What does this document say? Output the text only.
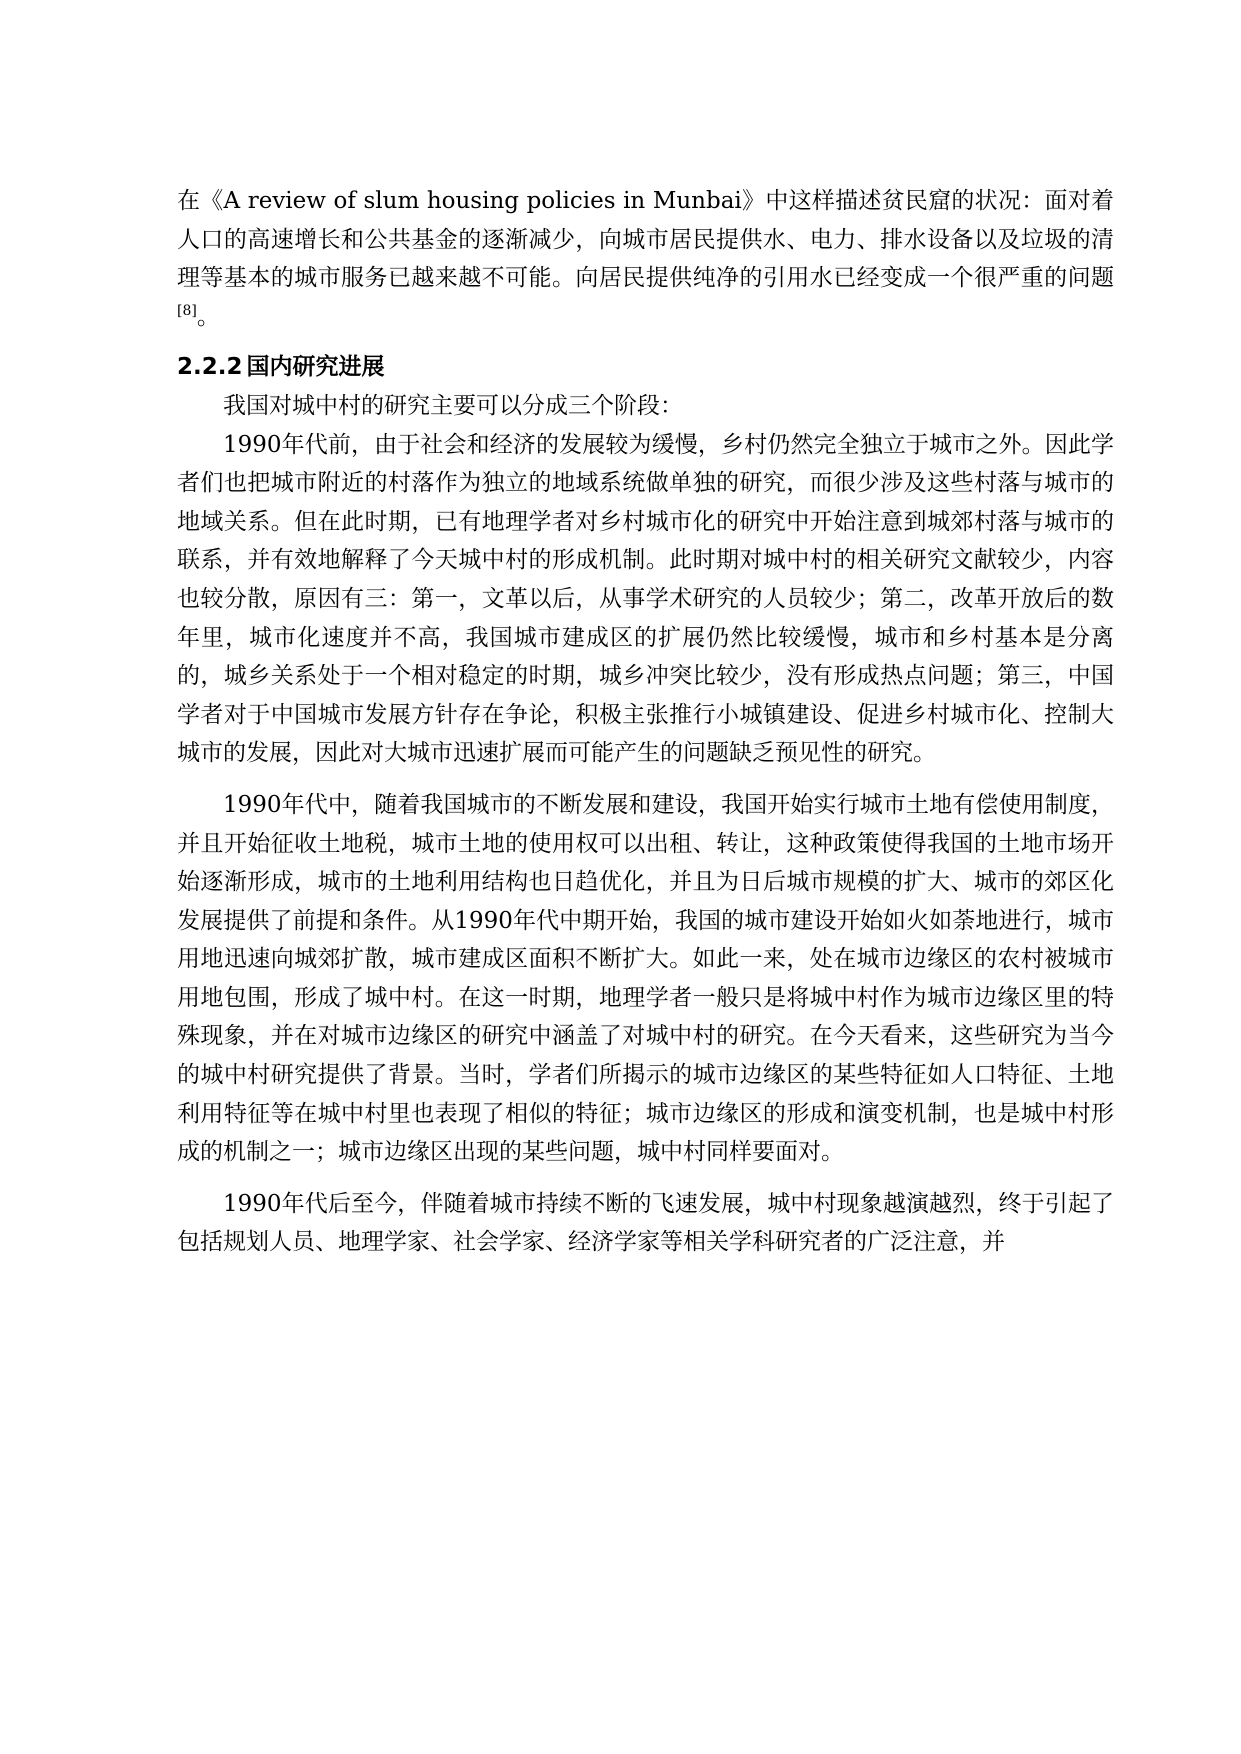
在《A review of slum housing policies in Munbai》中这样描述贫民窟的状况：面对着人口的高速增长和公共基金的逐渐减少，向城市居民提供水、电力、排水设备以及垃圾的清理等基本的城市服务已越来越不可能。向居民提供纯净的引用水已经变成一个很严重的问题[8]。

2.2.2 国内研究进展

我国对城中村的研究主要可以分成三个阶段：

1990年代前，由于社会和经济的发展较为缓慢，乡村仍然完全独立于城市之外。因此学者们也把城市附近的村落作为独立的地域系统做单独的研究，而很少涉及这些村落与城市的地域关系。但在此时期，已有地理学者对乡村城市化的研究中开始注意到城郊村落与城市的联系，并有效地解释了今天城中村的形成机制。此时期对城中村的相关研究文献较少，内容也较分散，原因有三：第一，文革以后，从事学术研究的人员较少；第二，改革开放后的数年里，城市化速度并不高，我国城市建成区的扩展仍然比较缓慢，城市和乡村基本是分离的，城乡关系处于一个相对稳定的时期，城乡冲突比较少，没有形成热点问题；第三，中国学者对于中国城市发展方针存在争论，积极主张推行小城镇建设、促进乡村城市化、控制大城市的发展，因此对大城市迅速扩展而可能产生的问题缺乏预见性的研究。

1990年代中，随着我国城市的不断发展和建设，我国开始实行城市土地有偿使用制度，并且开始征收土地税，城市土地的使用权可以出租、转让，这种政策使得我国的土地市场开始逐渐形成，城市的土地利用结构也日趋优化，并且为日后城市规模的扩大、城市的郊区化发展提供了前提和条件。从1990年代中期开始，我国的城市建设开始如火如荼地进行，城市用地迅速向城郊扩散，城市建成区面积不断扩大。如此一来，处在城市边缘区的农村被城市用地包围，形成了城中村。在这一时期，地理学者一般只是将城中村作为城市边缘区里的特殊现象，并在对城市边缘区的研究中涵盖了对城中村的研究。在今天看来，这些研究为当今的城中村研究提供了背景。当时，学者们所揭示的城市边缘区的某些特征如人口特征、土地利用特征等在城中村里也表现了相似的特征；城市边缘区的形成和演变机制，也是城中村形成的机制之一；城市边缘区出现的某些问题，城中村同样要面对。

1990年代后至今，伴随着城市持续不断的飞速发展，城中村现象越演越烈，终于引起了包括规划人员、地理学家、社会学家、经济学家等相关学科研究者的广泛注意，并
